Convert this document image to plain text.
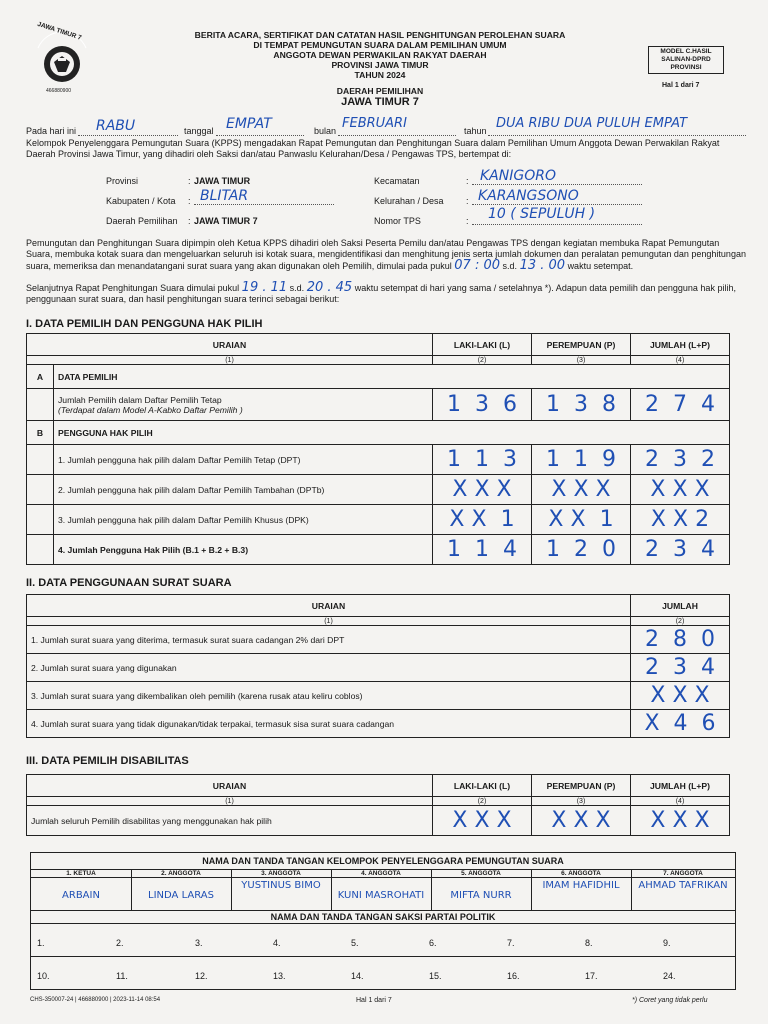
JAWA TIMUR 7
466880900
BERITA ACARA, SERTIFIKAT DAN CATATAN HASIL PENGHITUNGAN PEROLEHAN SUARA
DI TEMPAT PEMUNGUTAN SUARA DALAM PEMILIHAN UMUM
ANGGOTA DEWAN PERWAKILAN RAKYAT DAERAH
PROVINSI JAWA TIMUR
TAHUN 2024
DAERAH PEMILIHAN
JAWA TIMUR 7
MODEL C.HASIL
SALINAN-DPRD
PROVINSI
Hal 1 dari 7
Pada hari ini RABU	tanggal EMPAT	bulan FEBRUARI	tahun DUA RIBU DUA PULUH EMPAT
Kelompok Penyelenggara Pemungutan Suara (KPPS) mengadakan Rapat Pemungutan dan Penghitungan Suara dalam Pemilihan Umum Anggota Dewan Perwakilan Rakyat Daerah Provinsi Jawa Timur, yang dihadiri oleh Saksi dan/atau Panwaslu Kelurahan/Desa / Pengawas TPS, bertempat di:
Provinsi	: JAWA TIMUR
Kabupaten / Kota : BLITAR
Daerah Pemilihan : JAWA TIMUR 7
Kecamatan	: KANIGORO
Kelurahan / Desa : KARANGSONO
Nomor TPS	: 10 ( SEPULUH )
Pemungutan dan Penghitungan Suara dipimpin oleh Ketua KPPS dihadiri oleh Saksi Peserta Pemilu dan/atau Pengawas TPS dengan kegiatan membuka Rapat Pemungutan Suara, membuka kotak suara dan mengeluarkan seluruh isi kotak suara, mengidentifikasi dan menghitung jenis serta jumlah dokumen dan peralatan pemungutan dan penghitungan suara, memeriksa dan menandatangani surat suara yang akan digunakan oleh Pemilih, dimulai pada pukul 07 : 00 s.d. 13 . 00 waktu setempat.
Selanjutnya Rapat Penghitungan Suara dimulai pukul 19 . 11 s.d. 20 . 45 waktu setempat di hari yang sama / setelahnya *). Adapun data pemilih dan pengguna hak pilih, penggunaan surat suara, dan hasil penghitungan suara terinci sebagai berikut:
I. DATA PEMILIH DAN PENGGUNA HAK PILIH
URAIAN		LAKI-LAKI (L)	PEREMPUAN (P)	JUMLAH (L+P)
(1)		(2)	(3)	(4)
A	DATA PEMILIH			

	Jumlah Pemilih dalam Daftar Pemilih Tetap
(Terdapat dalam Model A-Kabko Daftar Pemilih )	1 3 6	1 3 8	2 7 4
B	PENGGUNA HAK PILIH			
	1. Jumlah pengguna hak pilih dalam Daftar Pemilih Tetap (DPT)	1 1 3	1 1 9	2 3 2
	2. Jumlah pengguna hak pilih dalam Daftar Pemilih Tambahan (DPTb)	X X X	X X X	X X X
	3. Jumlah pengguna hak pilih dalam Daftar Pemilih Khusus (DPK)	X X 1	X X 1	X X 2
	4. Jumlah Pengguna Hak Pilih (B.1 + B.2 + B.3)	1 1 4	1 2 0	2 3 4
II. DATA PENGGUNAAN SURAT SUARA
URAIAN	JUMLAH
(1)	(2)
1. Jumlah surat suara yang diterima, termasuk surat suara cadangan 2% dari DPT	2 8 0
2. Jumlah surat suara yang digunakan	2 3 4
3. Jumlah surat suara yang dikembalikan oleh pemilih (karena rusak atau keliru coblos)	X X X
4. Jumlah surat suara yang tidak digunakan/tidak terpakai, termasuk sisa surat suara cadangan	X 4 6
III. DATA PEMILIH DISABILITAS
URAIAN	LAKI-LAKI (L)	PEREMPUAN (P)	JUMLAH (L+P)
(1)	(2)	(3)	(4)
Jumlah seluruh Pemilih disabilitas yang menggunakan hak pilih	X X X	X X X	X X X
NAMA DAN TANDA TANGAN KELOMPOK PENYELENGGARA PEMUNGUTAN SUARA
1. KETUA
ARBAIN
2. ANGGOTA
LINDA LARAS
3. ANGGOTA
YUSTINUS BIMO
4. ANGGOTA
KUNI MASROHATI
5. ANGGOTA
MIFTA NURR
6. ANGGOTA
IMAM HAFIDHIL
7. ANGGOTA
AHMAD TAFRIKAN
NAMA DAN TANDA TANGAN SAKSI PARTAI POLITIK
1.	2.	3.	4.	5.	6.	7.	8.	9.
10.	11.	12.	13.	14.	15.	16.	17.	24.
CHS-350007-24 | 466880900 | 2023-11-14 08:54	Hal 1 dari 7	*) Coret yang tidak perlu
